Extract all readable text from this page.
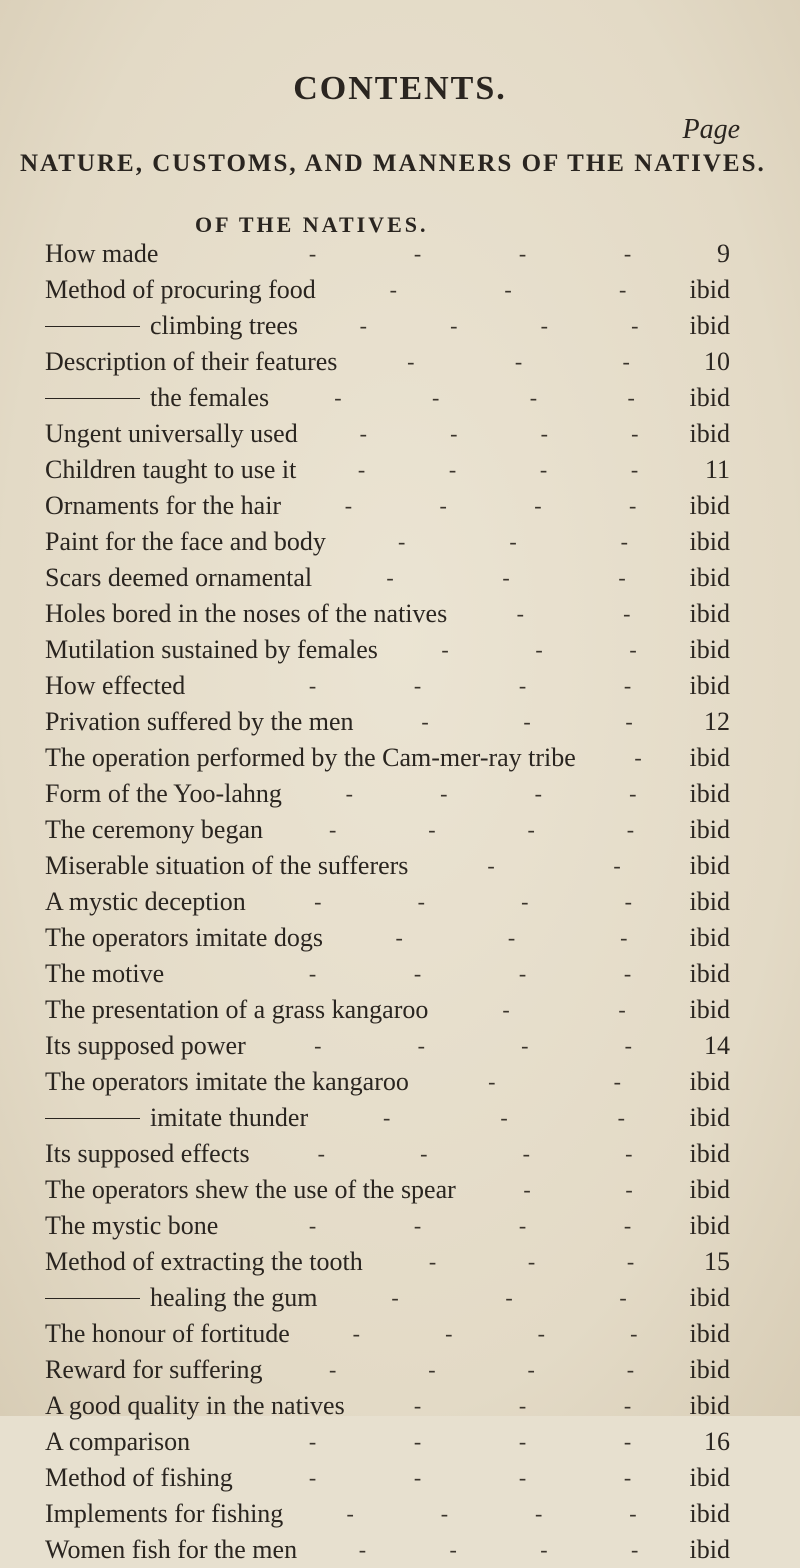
CONTENTS.
Page
NATURE, CUSTOMS, AND MANNERS OF THE NATIVES.
OF THE NATIVES.
How made	9
-	-	-	-
Method of procuring food	ibid
-	-	-
climbing trees	ibid
-	-	-	-
Description of their features	10
-	-	-
the females	ibid
-	-	-	-
Ungent universally used	ibid
-	-	-	-
Children taught to use it	11
-	-	-	-
Ornaments for the hair	ibid
-	-	-	-
Paint for the face and body	ibid
-	-	-
Scars deemed ornamental	ibid
-	-	-
Holes bored in the noses of the natives	ibid
-	-
Mutilation sustained by females	ibid
-	-	-
How effected	ibid
-	-	-	-
Privation suffered by the men	12
-	-	-
The operation performed by the Cam-mer-ray tribe	ibid
-
Form of the Yoo-lahng	ibid
-	-	-	-
The ceremony began	ibid
-	-	-	-
Miserable situation of the sufferers	ibid
-	-
A mystic deception	ibid
-	-	-	-
The operators imitate dogs	ibid
-	-	-
The motive	ibid
-	-	-	-
The presentation of a grass kangaroo	ibid
-	-
Its supposed power	14
-	-	-	-
The operators imitate the kangaroo	ibid
-	-
imitate thunder	ibid
-	-	-
Its supposed effects	ibid
-	-	-	-
The operators shew the use of the spear	ibid
-	-
The mystic bone	ibid
-	-	-	-
Method of extracting the tooth	15
-	-	-
healing the gum	ibid
-	-	-
The honour of fortitude	ibid
-	-	-	-
Reward for suffering	ibid
-	-	-	-
A good quality in the natives	ibid
-	-	-
A comparison	16
-	-	-	-
Method of fishing	ibid
-	-	-	-
Implements for fishing	ibid
-	-	-	-
Women fish for the men	ibid
-	-	-	-
